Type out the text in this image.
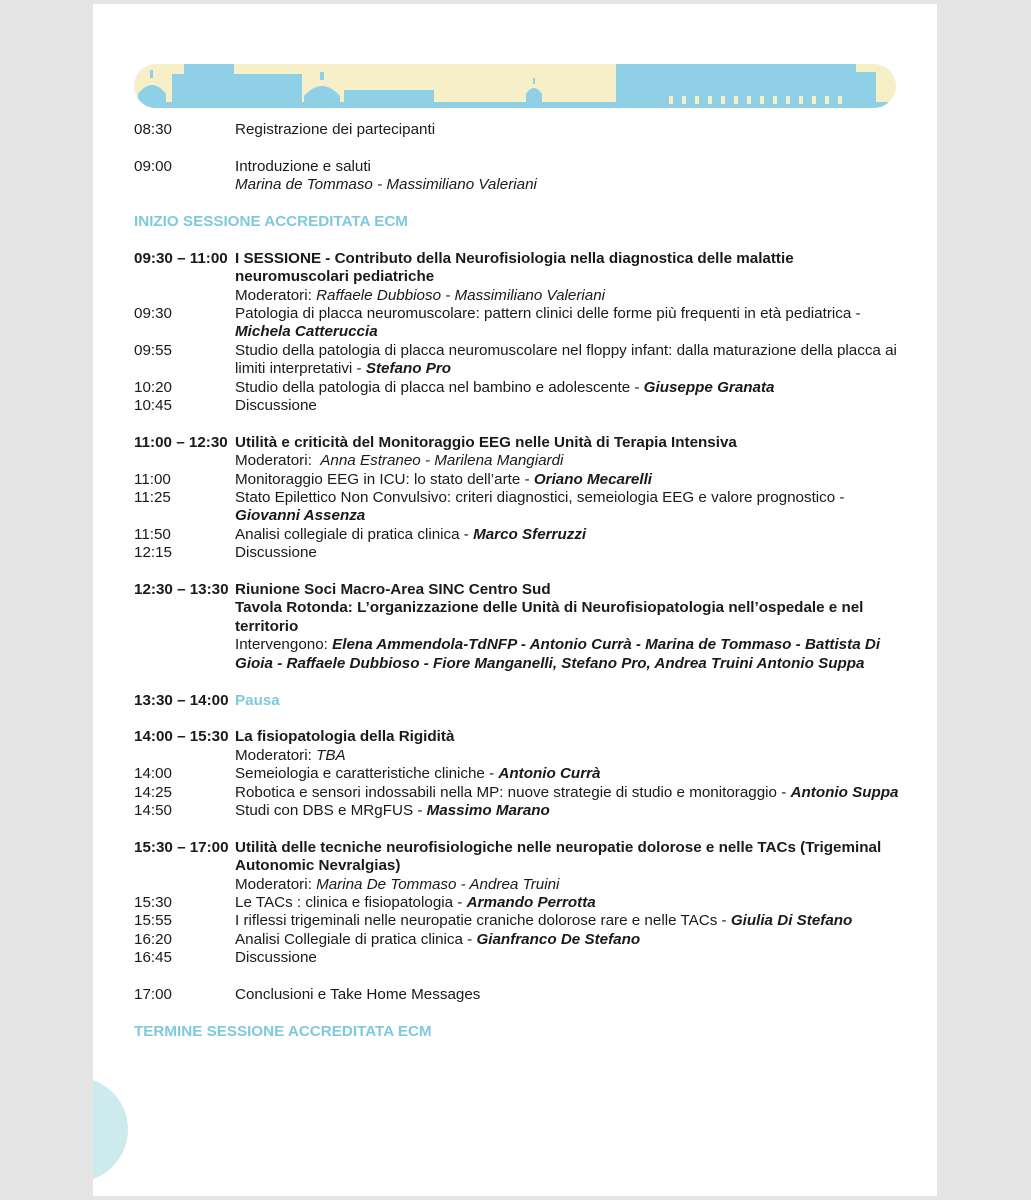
08:30	Registrazione dei partecipanti
09:00	Introduzione e saluti
Marina de Tommaso - Massimiliano Valeriani
INIZIO SESSIONE ACCREDITATA ECM
09:30 – 11:00 I SESSIONE - Contributo della Neurofisiologia nella diagnostica delle malattie neuromuscolari pediatriche
Moderatori: Raffaele Dubbioso - Massimiliano Valeriani
09:30	Patologia di placca neuromuscolare: pattern clinici delle forme più frequenti in età pediatrica - Michela Catteruccia
09:55	Studio della patologia di placca neuromuscolare nel floppy infant: dalla maturazione della placca ai limiti interpretativi - Stefano Pro
10:20	Studio della patologia di placca nel bambino e adolescente - Giuseppe Granata
10:45	Discussione
11:00 – 12:30 Utilità e criticità del Monitoraggio EEG nelle Unità di Terapia Intensiva
Moderatori: Anna Estraneo - Marilena Mangiardi
11:00	Monitoraggio EEG in ICU: lo stato dell’arte - Oriano Mecarelli
11:25	Stato Epilettico Non Convulsivo: criteri diagnostici, semeiologia EEG e valore prognostico - Giovanni Assenza
11:50	Analisi collegiale di pratica clinica - Marco Sferruzzi
12:15	Discussione
12:30 – 13:30 Riunione Soci Macro-Area SINC Centro Sud
Tavola Rotonda: L’organizzazione delle Unità di Neurofisiopatologia nell’ospedale e nel territorio
Intervengono: Elena Ammendola-TdNFP - Antonio Currà - Marina de Tommaso - Battista Di Gioia - Raffaele Dubbioso - Fiore Manganelli, Stefano Pro, Andrea Truini Antonio Suppa
13:30 – 14:00 Pausa
14:00 – 15:30 La fisiopatologia della Rigidità
Moderatori: TBA
14:00	Semeiologia e caratteristiche cliniche - Antonio Currà
14:25	Robotica e sensori indossabili nella MP: nuove strategie di studio e monitoraggio - Antonio Suppa
14:50	Studi con DBS e MRgFUS - Massimo Marano
15:30 – 17:00 Utilità delle tecniche neurofisiologiche nelle neuropatie dolorose e nelle TACs (Trigeminal Autonomic Nevralgias)
Moderatori: Marina De Tommaso - Andrea Truini
15:30	Le TACs : clinica e fisiopatologia - Armando Perrotta
15:55	I riflessi trigeminali nelle neuropatie craniche dolorose rare e nelle TACs - Giulia Di Stefano
16:20	Analisi Collegiale di pratica clinica - Gianfranco De Stefano
16:45	Discussione
17:00	Conclusioni e Take Home Messages
TERMINE SESSIONE ACCREDITATA ECM
